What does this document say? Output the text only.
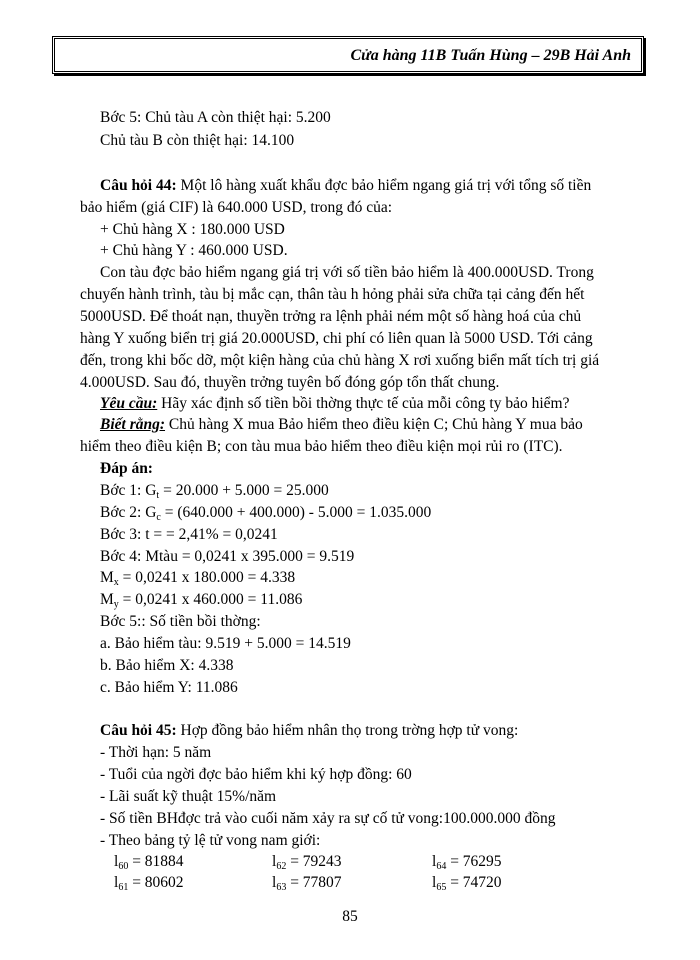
Cửa hàng 11B Tuấn Hùng – 29B Hải Anh
Bớc 5: Chủ tàu A còn thiệt hại: 5.200
Chủ tàu B còn thiệt hại: 14.100
Câu hỏi 44: Một lô hàng xuất khẩu đợc bảo hiểm ngang giá trị với tổng số tiền
bảo hiểm (giá CIF) là 640.000 USD, trong đó của:
+ Chủ hàng X : 180.000 USD
+ Chủ hàng Y : 460.000 USD.
Con tàu đợc bảo hiểm ngang giá trị với số tiền bảo hiểm là 400.000USD. Trong
chuyến hành trình, tàu bị mắc cạn, thân tàu h hỏng phải sửa chữa tại cảng đến hết
5000USD. Để thoát nạn, thuyền trởng ra lệnh phải ném một số hàng hoá của chủ
hàng Y xuống biển trị giá 20.000USD, chi phí có liên quan là 5000 USD. Tới cảng
đến, trong khi bốc dỡ, một kiện hàng của chủ hàng X rơi xuống biển mất tích trị giá
4.000USD. Sau đó, thuyền trởng tuyên bố đóng góp tổn thất chung.
Yêu cầu: Hãy xác định số tiền bồi thờng thực tế của mỗi công ty bảo hiểm?
Biết rằng: Chủ hàng X mua Bảo hiểm theo điều kiện C; Chủ hàng Y mua bảo
hiểm theo điều kiện B; con tàu mua bảo hiểm theo điều kiện mọi rủi ro (ITC).
Đáp án:
Bớc 1: $G_t = 20.000 + 5.000 = 25.000$
Bớc 2: $G_c = (640.000 + 400.000) - 5.000 = 1.035.000$
Bớc 3: t = = 2,41% = 0,0241
Bớc 4: Mtàu = 0,0241 x 395.000 = 9.519
$M_x = 0,0241$ x 180.000 = 4.338
$M_y = 0,0241$ x 460.000 = 11.086
Bớc 5:: Số tiền bồi thờng:
a. Bảo hiểm tàu: 9.519 + 5.000 = 14.519
b. Bảo hiểm X: 4.338
c. Bảo hiểm Y: 11.086
Câu hỏi 45: Hợp đồng bảo hiểm nhân thọ trong trờng hợp tử vong:
- Thời hạn: 5 năm
- Tuổi của ngời đợc bảo hiểm khi ký hợp đồng: 60
- Lãi suất kỹ thuật 15%/năm
- Số tiền BHđợc trả vào cuối năm xảy ra sự cố tử vong:100.000.000 đồng
- Theo bảng tỷ lệ tử vong nam giới:
$l_{60} = 81884$	$l_{62} = 79243$	$l_{64} = 76295$
$l_{61} = 80602$	$l_{63} = 77807$	$l_{65} = 74720$
85
